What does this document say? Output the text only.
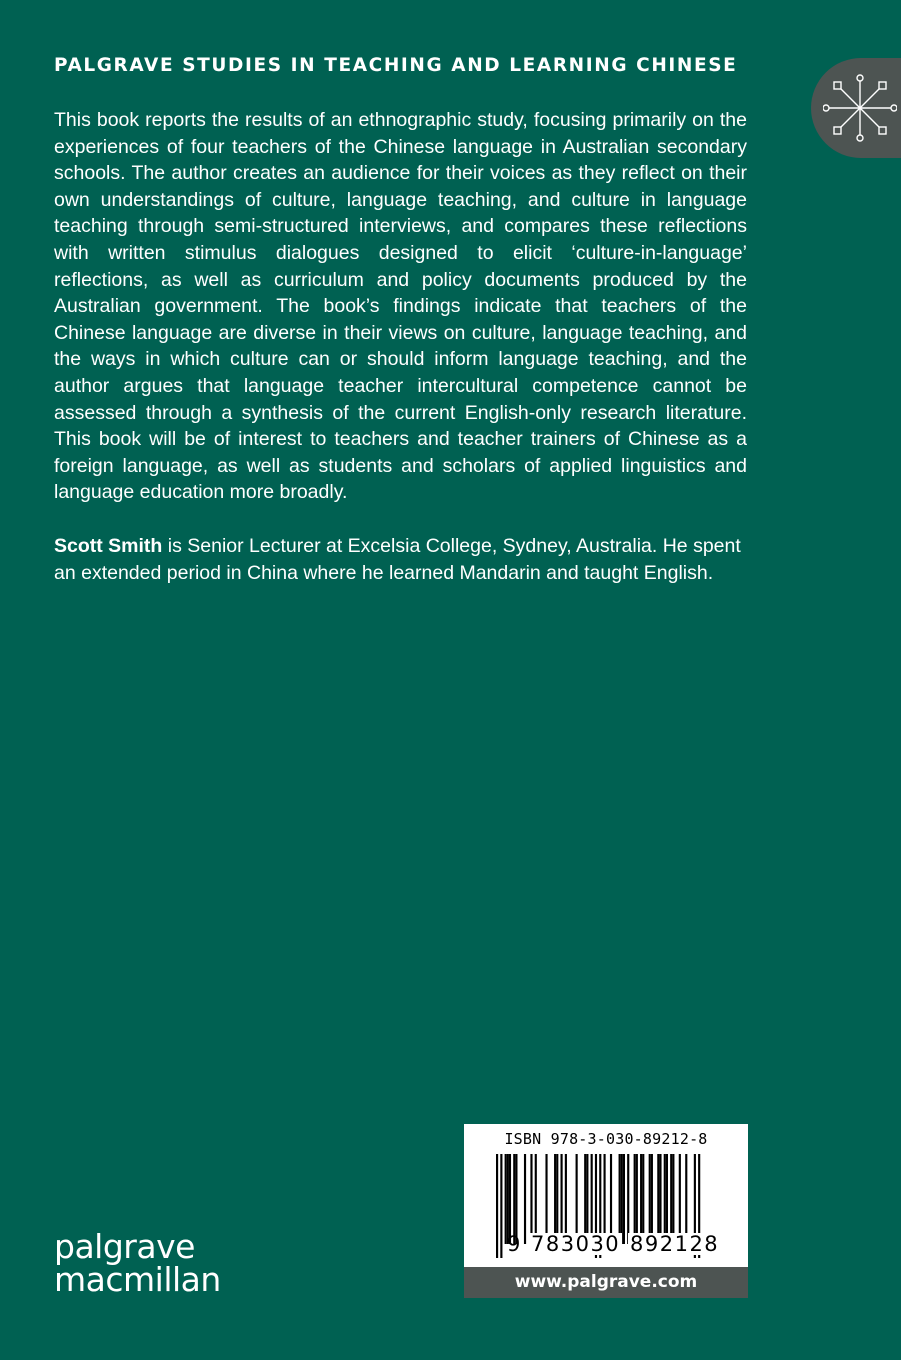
PALGRAVE STUDIES IN TEACHING AND LEARNING CHINESE

This book reports the results of an ethnographic study, focusing primarily on the experiences of four teachers of the Chinese language in Australian secondary schools. The author creates an audience for their voices as they reflect on their own understandings of culture, language teaching, and culture in language teaching through semi-structured interviews, and compares these reflections with written stimulus dialogues designed to elicit ‘culture-in-language’ reflections, as well as curriculum and policy documents produced by the Australian government. The book’s findings indicate that teachers of the Chinese language are diverse in their views on culture, language teaching, and the ways in which culture can or should inform language teaching, and the author argues that language teacher intercultural competence cannot be assessed through a synthesis of the current English-only research literature. This book will be of interest to teachers and teacher trainers of Chinese as a foreign language, as well as students and scholars of applied linguistics and language education more broadly.

Scott Smith is Senior Lecturer at Excelsia College, Sydney, Australia. He spent an extended period in China where he learned Mandarin and taught English.

palgrave
macmillan
ISBN 978-3-030-89212-8
9 783030 892128
www.palgrave.com
